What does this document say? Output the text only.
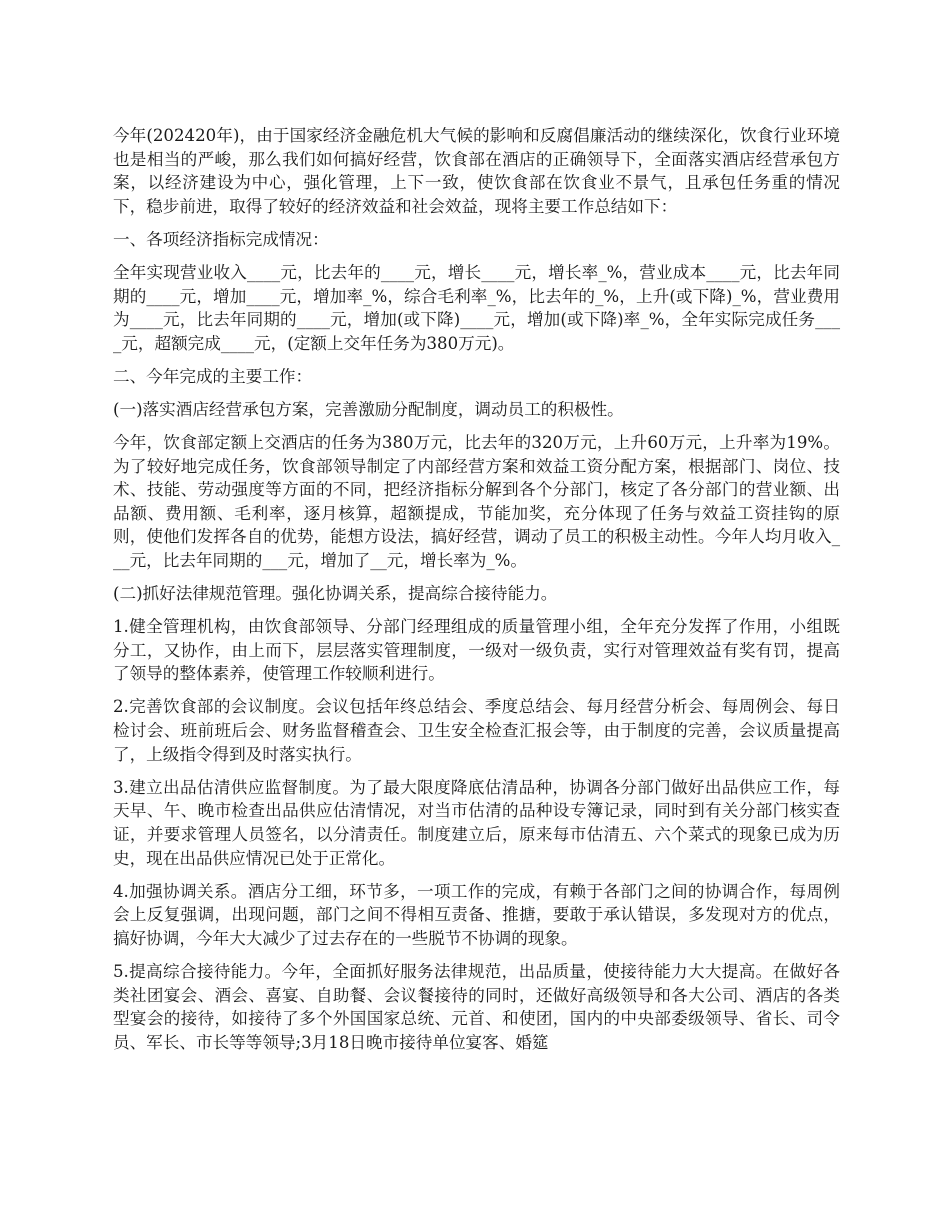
今年(202420年)，由于国家经济金融危机大气候的影响和反腐倡廉活动的继续深化，饮食行业环境也是相当的严峻，那么我们如何搞好经营，饮食部在酒店的正确领导下，全面落实酒店经营承包方案，以经济建设为中心，强化管理，上下一致，使饮食部在饮食业不景气，且承包任务重的情况下，稳步前进，取得了较好的经济效益和社会效益，现将主要工作总结如下：

一、各项经济指标完成情况：

全年实现营业收入____元，比去年的____元，增长____元，增长率_%，营业成本____元，比去年同期的____元，增加____元，增加率_%，综合毛利率_%，比去年的_%，上升(或下降)_%，营业费用为____元，比去年同期的____元，增加(或下降)____元，增加(或下降)率_%，全年实际完成任务____元，超额完成____元，(定额上交年任务为380万元)。

二、今年完成的主要工作：

(一)落实酒店经营承包方案，完善激励分配制度，调动员工的积极性。

今年，饮食部定额上交酒店的任务为380万元，比去年的320万元，上升60万元，上升率为19%。为了较好地完成任务，饮食部领导制定了内部经营方案和效益工资分配方案，根据部门、岗位、技术、技能、劳动强度等方面的不同，把经济指标分解到各个分部门，核定了各分部门的营业额、出品额、费用额、毛利率，逐月核算，超额提成，节能加奖，充分体现了任务与效益工资挂钩的原则，使他们发挥各自的优势，能想方设法，搞好经营，调动了员工的积极主动性。今年人均月收入___元，比去年同期的___元，增加了__元，增长率为_%。

(二)抓好法律规范管理。强化协调关系，提高综合接待能力。

1.健全管理机构，由饮食部领导、分部门经理组成的质量管理小组，全年充分发挥了作用，小组既分工，又协作，由上而下，层层落实管理制度，一级对一级负责，实行对管理效益有奖有罚，提高了领导的整体素养，使管理工作较顺利进行。

2.完善饮食部的会议制度。会议包括年终总结会、季度总结会、每月经营分析会、每周例会、每日检讨会、班前班后会、财务监督稽查会、卫生安全检查汇报会等，由于制度的完善，会议质量提高了，上级指令得到及时落实执行。

3.建立出品估清供应监督制度。为了最大限度降底估清品种，协调各分部门做好出品供应工作，每天早、午、晚市检查出品供应估清情况，对当市估清的品种设专簿记录，同时到有关分部门核实查证，并要求管理人员签名，以分清责任。制度建立后，原来每市估清五、六个菜式的现象已成为历史，现在出品供应情况已处于正常化。

4.加强协调关系。酒店分工细，环节多，一项工作的完成，有赖于各部门之间的协调合作，每周例会上反复强调，出现问题，部门之间不得相互责备、推搪，要敢于承认错误，多发现对方的优点，搞好协调，今年大大减少了过去存在的一些脱节不协调的现象。

5.提高综合接待能力。今年，全面抓好服务法律规范，出品质量，使接待能力大大提高。在做好各类社团宴会、酒会、喜宴、自助餐、会议餐接待的同时，还做好高级领导和各大公司、酒店的各类型宴会的接待，如接待了多个外国国家总统、元首、和使团，国内的中央部委级领导、省长、司令员、军长、市长等等领导;3月18日晚市接待单位宴客、婚筵
